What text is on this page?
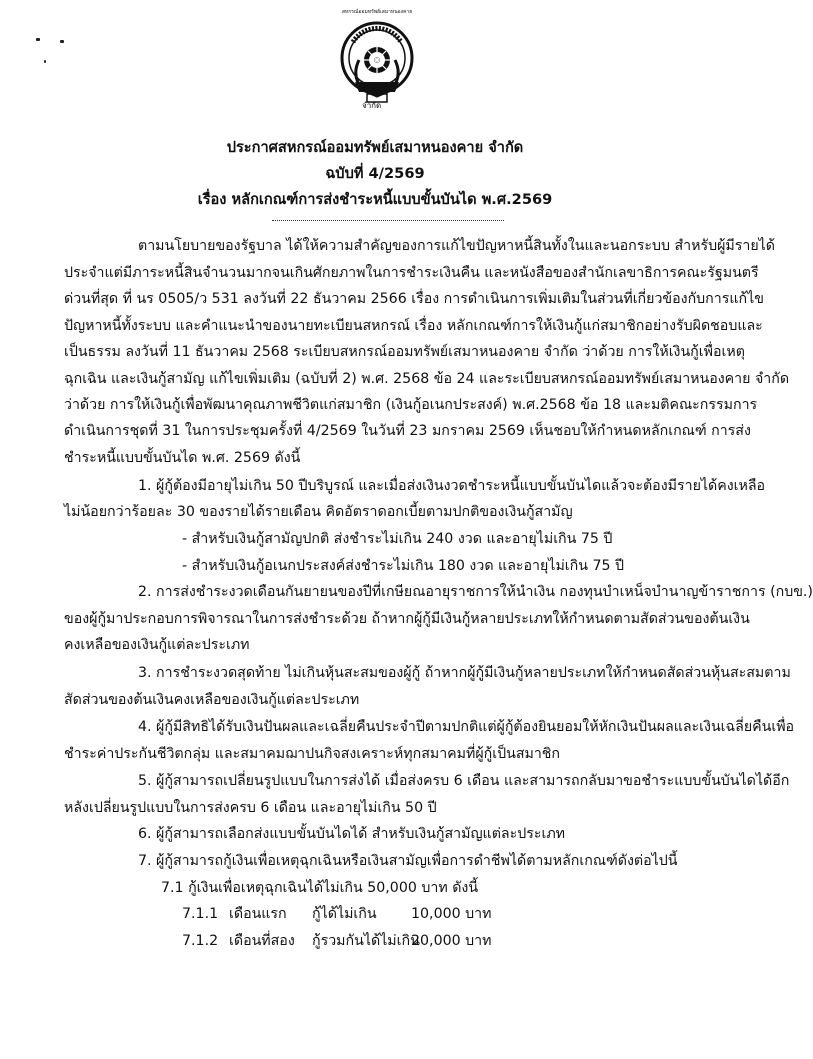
จำกัด
ประกาศสหกรณ์ออมทรัพย์เสมาหนองคาย จำกัด
ฉบับที่ 4/2569
เรื่อง หลักเกณฑ์การส่งชำระหนี้แบบขั้นบันได พ.ศ.2569
ตามนโยบายของรัฐบาล ได้ให้ความสำคัญของการแก้ไขปัญหาหนี้สินทั้งในและนอกระบบ สำหรับผู้มีรายได้
ประจำแต่มีภาระหนี้สินจำนวนมากจนเกินศักยภาพในการชำระเงินคืน และหนังสือของสำนักเลขาธิการคณะรัฐมนตรี
ด่วนที่สุด ที่ นร 0505/ว 531 ลงวันที่ 22 ธันวาคม 2566 เรื่อง การดำเนินการเพิ่มเติมในส่วนที่เกี่ยวข้องกับการแก้ไข
ปัญหาหนี้ทั้งระบบ และคำแนะนำของนายทะเบียนสหกรณ์ เรื่อง หลักเกณฑ์การให้เงินกู้แก่สมาชิกอย่างรับผิดชอบและ
เป็นธรรม ลงวันที่ 11 ธันวาคม 2568 ระเบียบสหกรณ์ออมทรัพย์เสมาหนองคาย จำกัด ว่าด้วย การให้เงินกู้เพื่อเหตุ
ฉุกเฉิน และเงินกู้สามัญ แก้ไขเพิ่มเติม (ฉบับที่ 2) พ.ศ. 2568 ข้อ 24 และระเบียบสหกรณ์ออมทรัพย์เสมาหนองคาย จำกัด
ว่าด้วย การให้เงินกู้เพื่อพัฒนาคุณภาพชีวิตแก่สมาชิก (เงินกู้อเนกประสงค์) พ.ศ.2568 ข้อ 18 และมติคณะกรรมการ
ดำเนินการชุดที่ 31 ในการประชุมครั้งที่ 4/2569 ในวันที่ 23 มกราคม 2569 เห็นชอบให้กำหนดหลักเกณฑ์ การส่ง
ชำระหนี้แบบขั้นบันได พ.ศ. 2569 ดังนี้
1. ผู้กู้ต้องมีอายุไม่เกิน 50 ปีบริบูรณ์ และเมื่อส่งเงินงวดชำระหนี้แบบขั้นบันไดแล้วจะต้องมีรายได้คงเหลือ
ไม่น้อยกว่าร้อยละ 30 ของรายได้รายเดือน คิดอัตราดอกเบี้ยตามปกติของเงินกู้สามัญ
- สำหรับเงินกู้สามัญปกติ ส่งชำระไม่เกิน 240 งวด และอายุไม่เกิน 75 ปี
- สำหรับเงินกู้อเนกประสงค์ส่งชำระไม่เกิน 180 งวด และอายุไม่เกิน 75 ปี
2. การส่งชำระงวดเดือนกันยายนของปีที่เกษียณอายุราชการให้นำเงิน กองทุนบำเหน็จบำนาญข้าราชการ (กบข.)
ของผู้กู้มาประกอบการพิจารณาในการส่งชำระด้วย ถ้าหากผู้กู้มีเงินกู้หลายประเภทให้กำหนดตามสัดส่วนของต้นเงิน
คงเหลือของเงินกู้แต่ละประเภท
3. การชำระงวดสุดท้าย ไม่เกินหุ้นสะสมของผู้กู้ ถ้าหากผู้กู้มีเงินกู้หลายประเภทให้กำหนดสัดส่วนหุ้นสะสมตาม
สัดส่วนของต้นเงินคงเหลือของเงินกู้แต่ละประเภท
4. ผู้กู้มีสิทธิได้รับเงินปันผลและเฉลี่ยคืนประจำปีตามปกติแต่ผู้กู้ต้องยินยอมให้หักเงินปันผลและเงินเฉลี่ยคืนเพื่อ
ชำระค่าประกันชีวิตกลุ่ม และสมาคมฌาปนกิจสงเคราะห์ทุกสมาคมที่ผู้กู้เป็นสมาชิก
5. ผู้กู้สามารถเปลี่ยนรูปแบบในการส่งได้ เมื่อส่งครบ 6 เดือน และสามารถกลับมาขอชำระแบบขั้นบันไดได้อีก
หลังเปลี่ยนรูปแบบในการส่งครบ 6 เดือน และอายุไม่เกิน 50 ปี
6. ผู้กู้สามารถเลือกส่งแบบขั้นบันไดได้ สำหรับเงินกู้สามัญแต่ละประเภท
7. ผู้กู้สามารถกู้เงินเพื่อเหตุฉุกเฉินหรือเงินสามัญเพื่อการดำชีพได้ตามหลักเกณฑ์ดังต่อไปนี้
7.1 กู้เงินเพื่อเหตุฉุกเฉินได้ไม่เกิน 50,000 บาท ดังนี้
7.1.1 เดือนแรก กู้ได้ไม่เกิน 10,000 บาท
7.1.2 เดือนที่สอง กู้รวมกันได้ไม่เกิน
20,000 บาท
สหกรณ์ออมทรัพย์เสมาหนองคาย
